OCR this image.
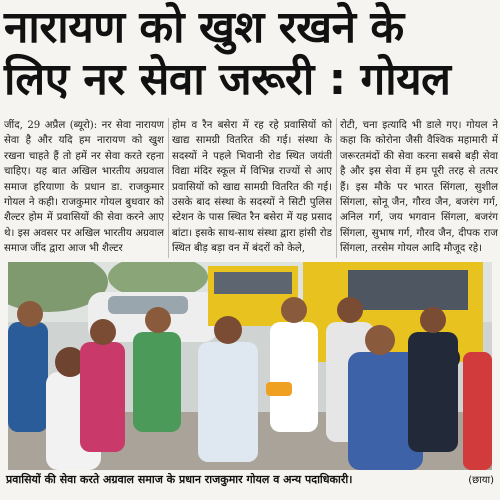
नारायण को खुश रखने के
लिए नर सेवा जरूरी : गोयल
जींद, 29 अप्रैल (ब्यूरो): नर सेवा नारायण सेवा है और यदि हम नारायण को खुश रखना चाहते हैं तो हमें नर सेवा करते रहना चाहिए। यह बात अखिल भारतीय अग्रवाल समाज हरियाणा के प्रधान डा. राजकुमार गोयल ने कही। राजकुमार गोयल बुधवार को शैल्टर होम में प्रवासियों की सेवा करने आए थे। इस अवसर पर अखिल भारतीय अग्रवाल समाज जींद द्वारा आज भी शैल्टर
होम व रैन बसेरा में रह रहे प्रवासियों को खाद्य सामग्री वितरित की गई। संस्था के सदस्यों ने पहले भिवानी रोड स्थित जयंती विद्या मंदिर स्कूल में विभिन्न राज्यों से आए प्रवासियों को खाद्य सामग्री वितरित की गई। उसके बाद संस्था के सदस्यों ने सिटी पुलिस स्टेशन के पास स्थित रैन बसेरा में यह प्रसाद बांटा। इसके साथ-साथ संस्था द्वारा हांसी रोड स्थित बीड़ बड़ा वन में बंदरों को केले,
रोटी, चना इत्यादि भी डाले गए। गोयल ने कहा कि कोरोना जैसी वैश्विक महामारी में जरूरतमंदों की सेवा करना सबसे बड़ी सेवा है और इस सेवा में हम पूरी तरह से तत्पर हैं। इस मौके पर भारत सिंगला, सुशील सिंगला, सोनू जैन, गौरव जैन, बजरंग गर्ग, अनिल गर्ग, जय भगवान सिंगला, बजरंग सिंगला, सुभाष गर्ग, गौरव जैन, दीपक राज सिंगला, तरसेम गोयल आदि मौजूद रहे।
प्रवासियों की सेवा करते अग्रवाल समाज के प्रधान राजकुमार गोयल व अन्य पदाधिकारी।	(छाया)
